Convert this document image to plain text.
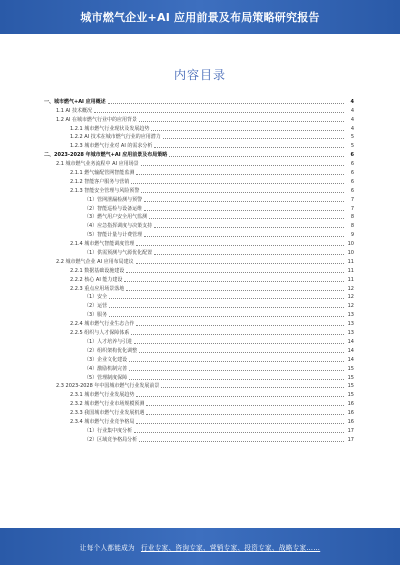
城市燃气企业+AI 应用前景及布局策略研究报告
内容目录
一、城市燃气+AI 应用概述	4
1.1 AI 技术概况	4
1.2 AI 在城市燃气行业中的应用背景	4
1.2.1 城市燃气行业现状及发展趋势	4
1.2.2 AI 技术在城市燃气行业的应用潜力	5
1.2.3 城市燃气行业对 AI 的需求分析	5
二、2023-2028 年城市燃气+AI 应用前景及布局策略	6
2.1 城市燃气业务流程中 AI 应用场景	6
2.1.1 燃气输配管网智能监测	6
2.1.2 智能客户服务与营销	6
2.1.3 智能安全管理与风险预警	6
（1）管网泄漏检测与预警	7
（2）智能巡检与设备运维	7
（3）燃气用户安全用气监测	8
（4）应急指挥调度与决策支持	8
（5）智能计量与计费管理	9
2.1.4 城市燃气智能调度管理	10
（1）供需预测与气源优化配置	10
2.2 城市燃气企业 AI 应用布局建议	11
2.2.1 数据基础设施建设	11
2.2.2 核心 AI 能力建设	11
2.2.3 重点应用场景落地	12
（1）安全	12
（2）运营	12
（3）服务	13
2.2.4 城市燃气行业生态合作	13
2.2.5 组织与人才保障体系	13
（1）人才培养与引进	14
（2）组织架构优化调整	14
（3）企业文化建设	14
（4）激励机制完善	15
（5）管理制度保障	15
2.3 2023-2028 年中国城市燃气行业发展前景	15
2.3.1 城市燃气行业发展趋势	15
2.3.2 城市燃气行业市场规模预测	16
2.3.3 我国城市燃气行业发展机遇	16
2.3.4 城市燃气行业竞争格局	16
（1）行业集中度分析	17
（2）区域竞争格局分析	17
让每个人都能成为 行业专家、咨询专家、营销专家、投资专家、战略专家……
